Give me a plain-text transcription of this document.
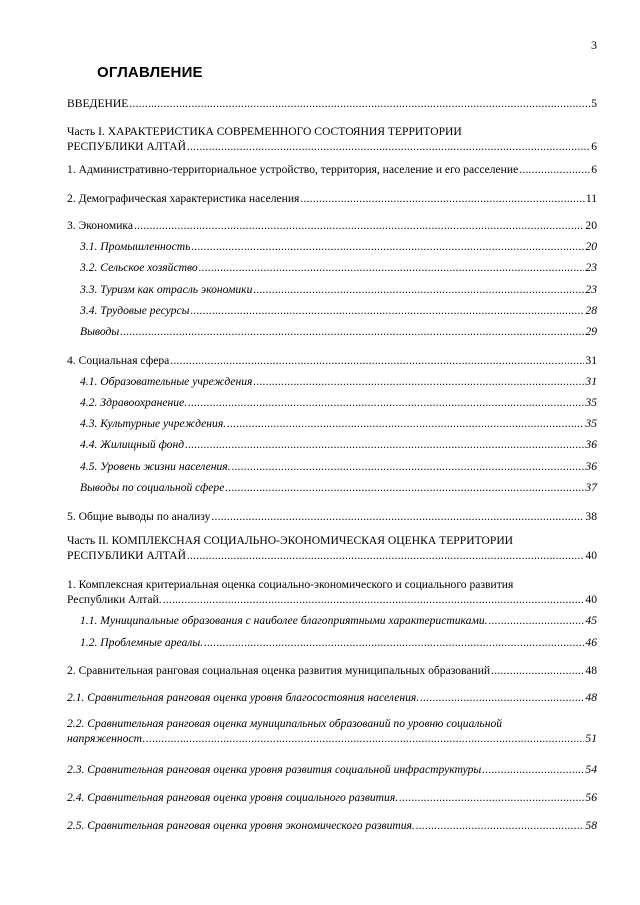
3
ОГЛАВЛЕНИЕ
ВВЕДЕНИЕ .....	5
Часть I. ХАРАКТЕРИСТИКА СОВРЕМЕННОГО СОСТОЯНИЯ ТЕРРИТОРИИ
РЕСПУБЛИКИ АЛТАЙ .....	6
1. Административно-территориальное устройство, территория, население и его расселение .....	6
2. Демографическая характеристика населения .....	11
3. Экономика .....	20
3.1. Промышленность .....	20
3.2. Сельское хозяйство .....	23
3.3. Туризм как отрасль экономики .....	23
3.4. Трудовые ресурсы .....	28
Выводы .....	29
4. Социальная сфера .....	31
4.1. Образовательные учреждения .....	31
4.2. Здравоохранение. .....	35
4.3. Культурные учреждения. .....	35
4.4. Жилищный фонд .....	36
4.5. Уровень жизни населения. .....	36
Выводы по социальной сфере .....	37
5. Общие выводы по анализу .....	38
Часть II. КОМПЛЕКСНАЯ СОЦИАЛЬНО-ЭКОНОМИЧЕСКАЯ ОЦЕНКА ТЕРРИТОРИИ
РЕСПУБЛИКИ АЛТАЙ .....	40
1. Комплексная критериальная оценка социально-экономического и социального развития
Республики Алтай. .....	40
1.1. Муниципальные образования с наиболее благоприятными характеристиками. .....	45
1.2. Проблемные ареалы. .....	46
2. Сравнительная ранговая социальная оценка развития муниципальных образований .....	48
2.1. Сравнительная ранговая оценка уровня благосостояния населения. .....	48
2.2. Сравнительная ранговая оценка муниципальных образований по уровню социальной
напряженност. .....	51
2.3. Сравнительная ранговая оценка уровня развития социальной инфраструктуры .....	54
2.4. Сравнительная ранговая оценка уровня социального развития. .....	56
2.5. Сравнительная ранговая оценка уровня экономического развития. .....	58
